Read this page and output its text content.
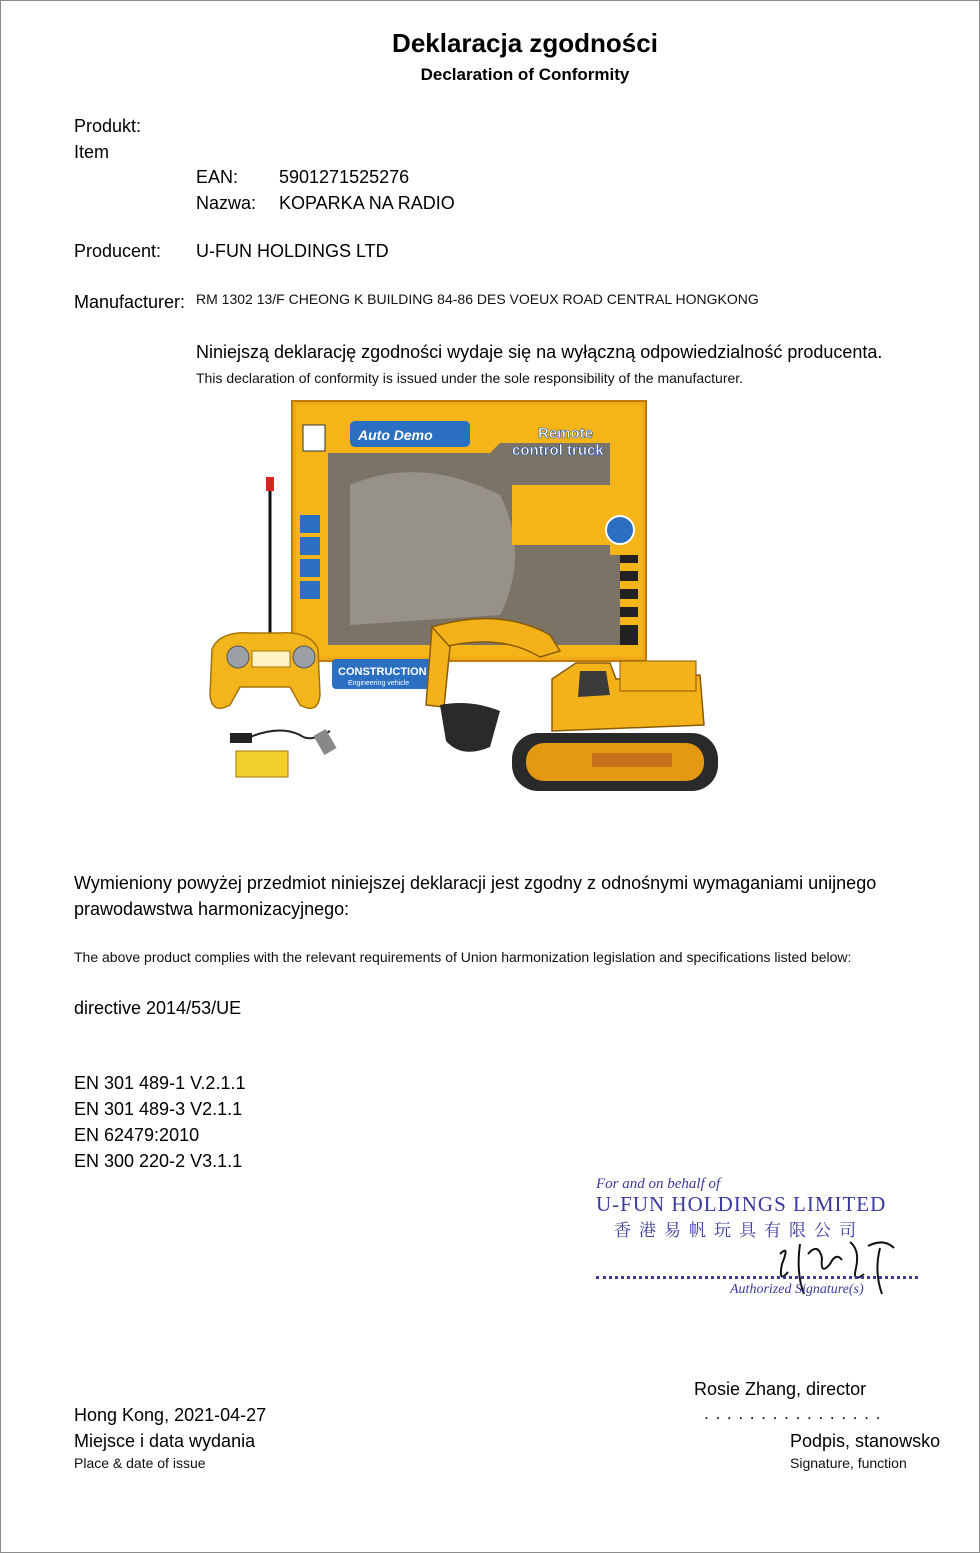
Deklaracja zgodności
Declaration of Conformity
Produkt:
Item
EAN: 5901271525276
Nazwa: KOPARKA NA RADIO
Producent: U-FUN HOLDINGS LTD
Manufacturer: RM 1302 13/F CHEONG K BUILDING 84-86 DES VOEUX ROAD CENTRAL HONGKONG
Niniejszą deklarację zgodności wydaje się na wyłączną odpowiedzialność producenta.
This declaration of conformity is issued under the sole responsibility of the manufacturer.
Auto Demo	Remote
control truck
CONSTRUCTION
Engineering vehicle
Wymieniony powyżej przedmiot niniejszej deklaracji jest zgodny z odnośnymi wymaganiami unijnego
prawodawstwa harmonizacyjnego:
The above product complies with the relevant requirements of Union harmonization legislation and specifications listed below:
directive 2014/53/UE
EN 301 489-1 V.2.1.1
EN 301 489-3 V2.1.1
EN 62479:2010
EN 300 220-2 V3.1.1
For and on behalf of
U-FUN HOLDINGS LIMITED
香港易帆玩具有限公司
Authorized Signature(s)
Rosie Zhang, director
. . . . . . . . . . . . . . . .
Podpis, stanowsko
Signature, function
Hong Kong, 2021-04-27
Miejsce i data wydania
Place & date of issue
